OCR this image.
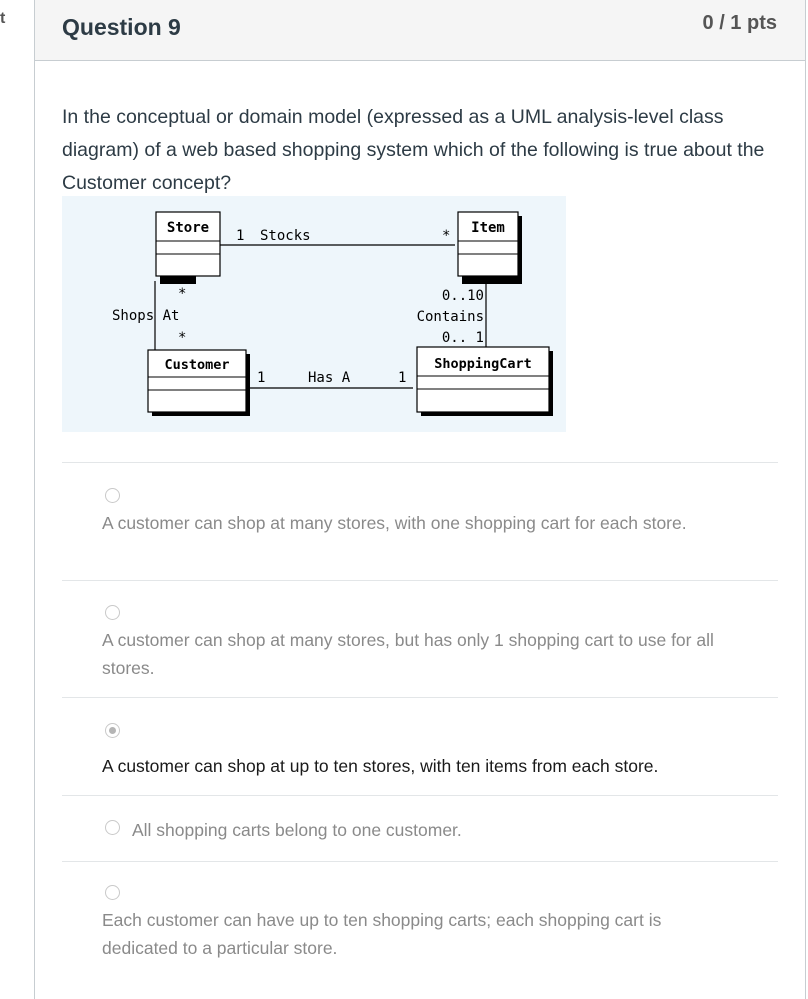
t Question 9	0 / 1 pts

In the conceptual or domain model (expressed as a UML analysis-level class diagram) of a web based shopping system which of the following is true about the Customer concept?

Store	Item
Customer	ShoppingCart
1 Stocks	*
*
Shops At
*
0..10
Contains
0.. 1
1	Has A	1
A customer can shop at many stores, with one shopping cart for each store.
A customer can shop at many stores, but has only 1 shopping cart to use for all stores.
A customer can shop at up to ten stores, with ten items from each store.
All shopping carts belong to one customer.
Each customer can have up to ten shopping carts; each shopping cart is dedicated to a particular store.
